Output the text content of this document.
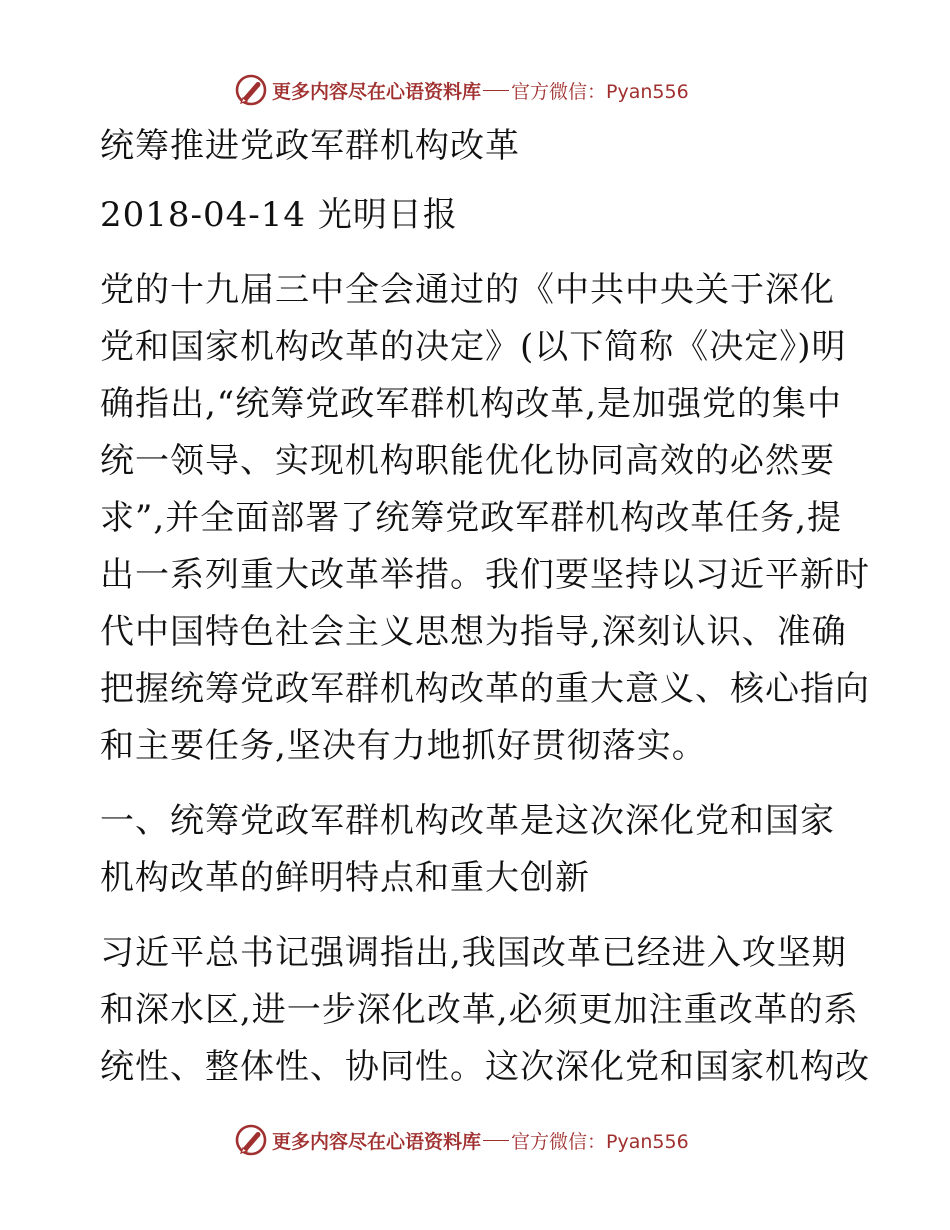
更多内容尽在心语资料库 官方微信：Pyan556
统筹推进党政军群机构改革
2018-04-14 光明日报
党的十九届三中全会通过的《中共中央关于深化
党和国家机构改革的决定》(以下简称《决定》)明
确指出,“统筹党政军群机构改革,是加强党的集中
统一领导、实现机构职能优化协同高效的必然要
求”,并全面部署了统筹党政军群机构改革任务,提
出一系列重大改革举措。我们要坚持以习近平新时
代中国特色社会主义思想为指导,深刻认识、准确
把握统筹党政军群机构改革的重大意义、核心指向
和主要任务,坚决有力地抓好贯彻落实。
一、统筹党政军群机构改革是这次深化党和国家
机构改革的鲜明特点和重大创新
习近平总书记强调指出,我国改革已经进入攻坚期
和深水区,进一步深化改革,必须更加注重改革的系
统性、整体性、协同性。这次深化党和国家机构改
更多内容尽在心语资料库 官方微信：Pyan556
